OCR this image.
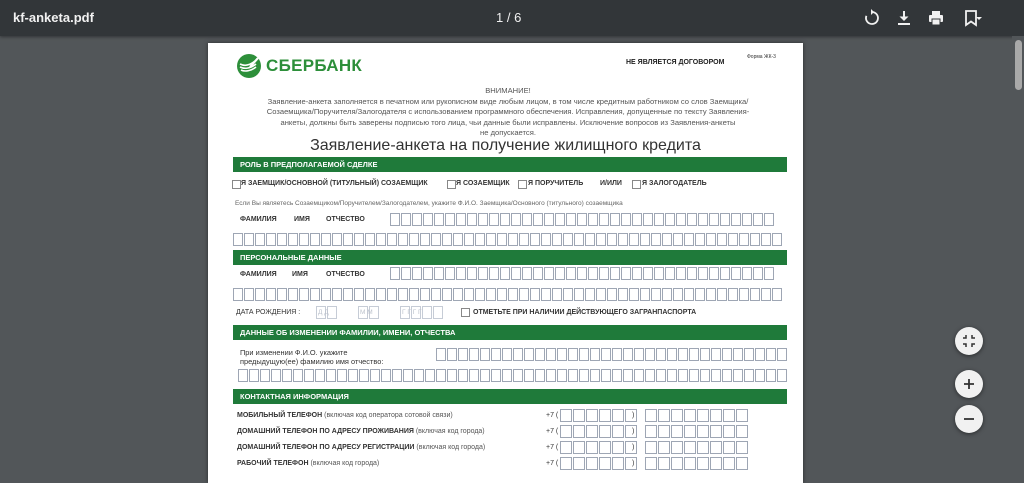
kf-anketa.pdf	1 / 6
СБЕРБАНК	НЕ ЯВЛЯЕТСЯ ДОГОВОРОМ
Форма ЖК-3
ВНИМАНИЕ!
Заявление-анкета заполняется в печатном или рукописном виде любым лицом, в том числе кредитным работником со слов Заемщика/
Созаемщика/Поручителя/Залогодателя с использованием программного обеспечения. Исправления, допущенные по тексту Заявления-
анкеты, должны быть заверены подписью того лица, чьи данные были исправлены. Исключение вопросов из Заявления-анкеты
не допускается.
Заявление-анкета на получение жилищного кредита
РОЛЬ В ПРЕДПОЛАГАЕМОЙ СДЕЛКЕ
Я ЗАЕМЩИК/ОСНОВНОЙ (ТИТУЛЬНЫЙ) СОЗАЕМЩИК	Я СОЗАЕМЩИК	Я ПОРУЧИТЕЛЬ И/ИЛИ	Я ЗАЛОГОДАТЕЛЬ
Если Вы являетесь Созаемщиком/Поручителем/Залогодателем, укажите Ф.И.О. Заемщика/Основного (титульного) созаемщика
ФАМИЛИЯ ИМЯ ОТЧЕСТВО
ПЕРСОНАЛЬНЫЕ ДАННЫЕ
ФАМИЛИЯ ИМЯ	ОТЧЕСТВО
ДАТА РОЖДЕНИЯ :	Д Д	М М	Г Г Г Г	ОТМЕТЬТЕ ПРИ НАЛИЧИИ ДЕЙСТВУЮЩЕГО ЗАГРАНПАСПОРТА
ДАННЫЕ ОБ ИЗМЕНЕНИИ ФАМИЛИИ, ИМЕНИ, ОТЧЕСТВА
При изменении Ф.И.О. укажите
предыдущую(ее) фамилию имя отчество:
КОНТАКТНАЯ ИНФОРМАЦИЯ
МОБИЛЬНЫЙ ТЕЛЕФОН (включая код оператора сотовой связи)	+7 (	)
ДОМАШНИЙ ТЕЛЕФОН ПО АДРЕСУ ПРОЖИВАНИЯ (включая код города)	+7 (	)
ДОМАШНИЙ ТЕЛЕФОН ПО АДРЕСУ РЕГИСТРАЦИИ (включая код города)	+7 (	)
РАБОЧИЙ ТЕЛЕФОН (включая код города)	+7 (	)
